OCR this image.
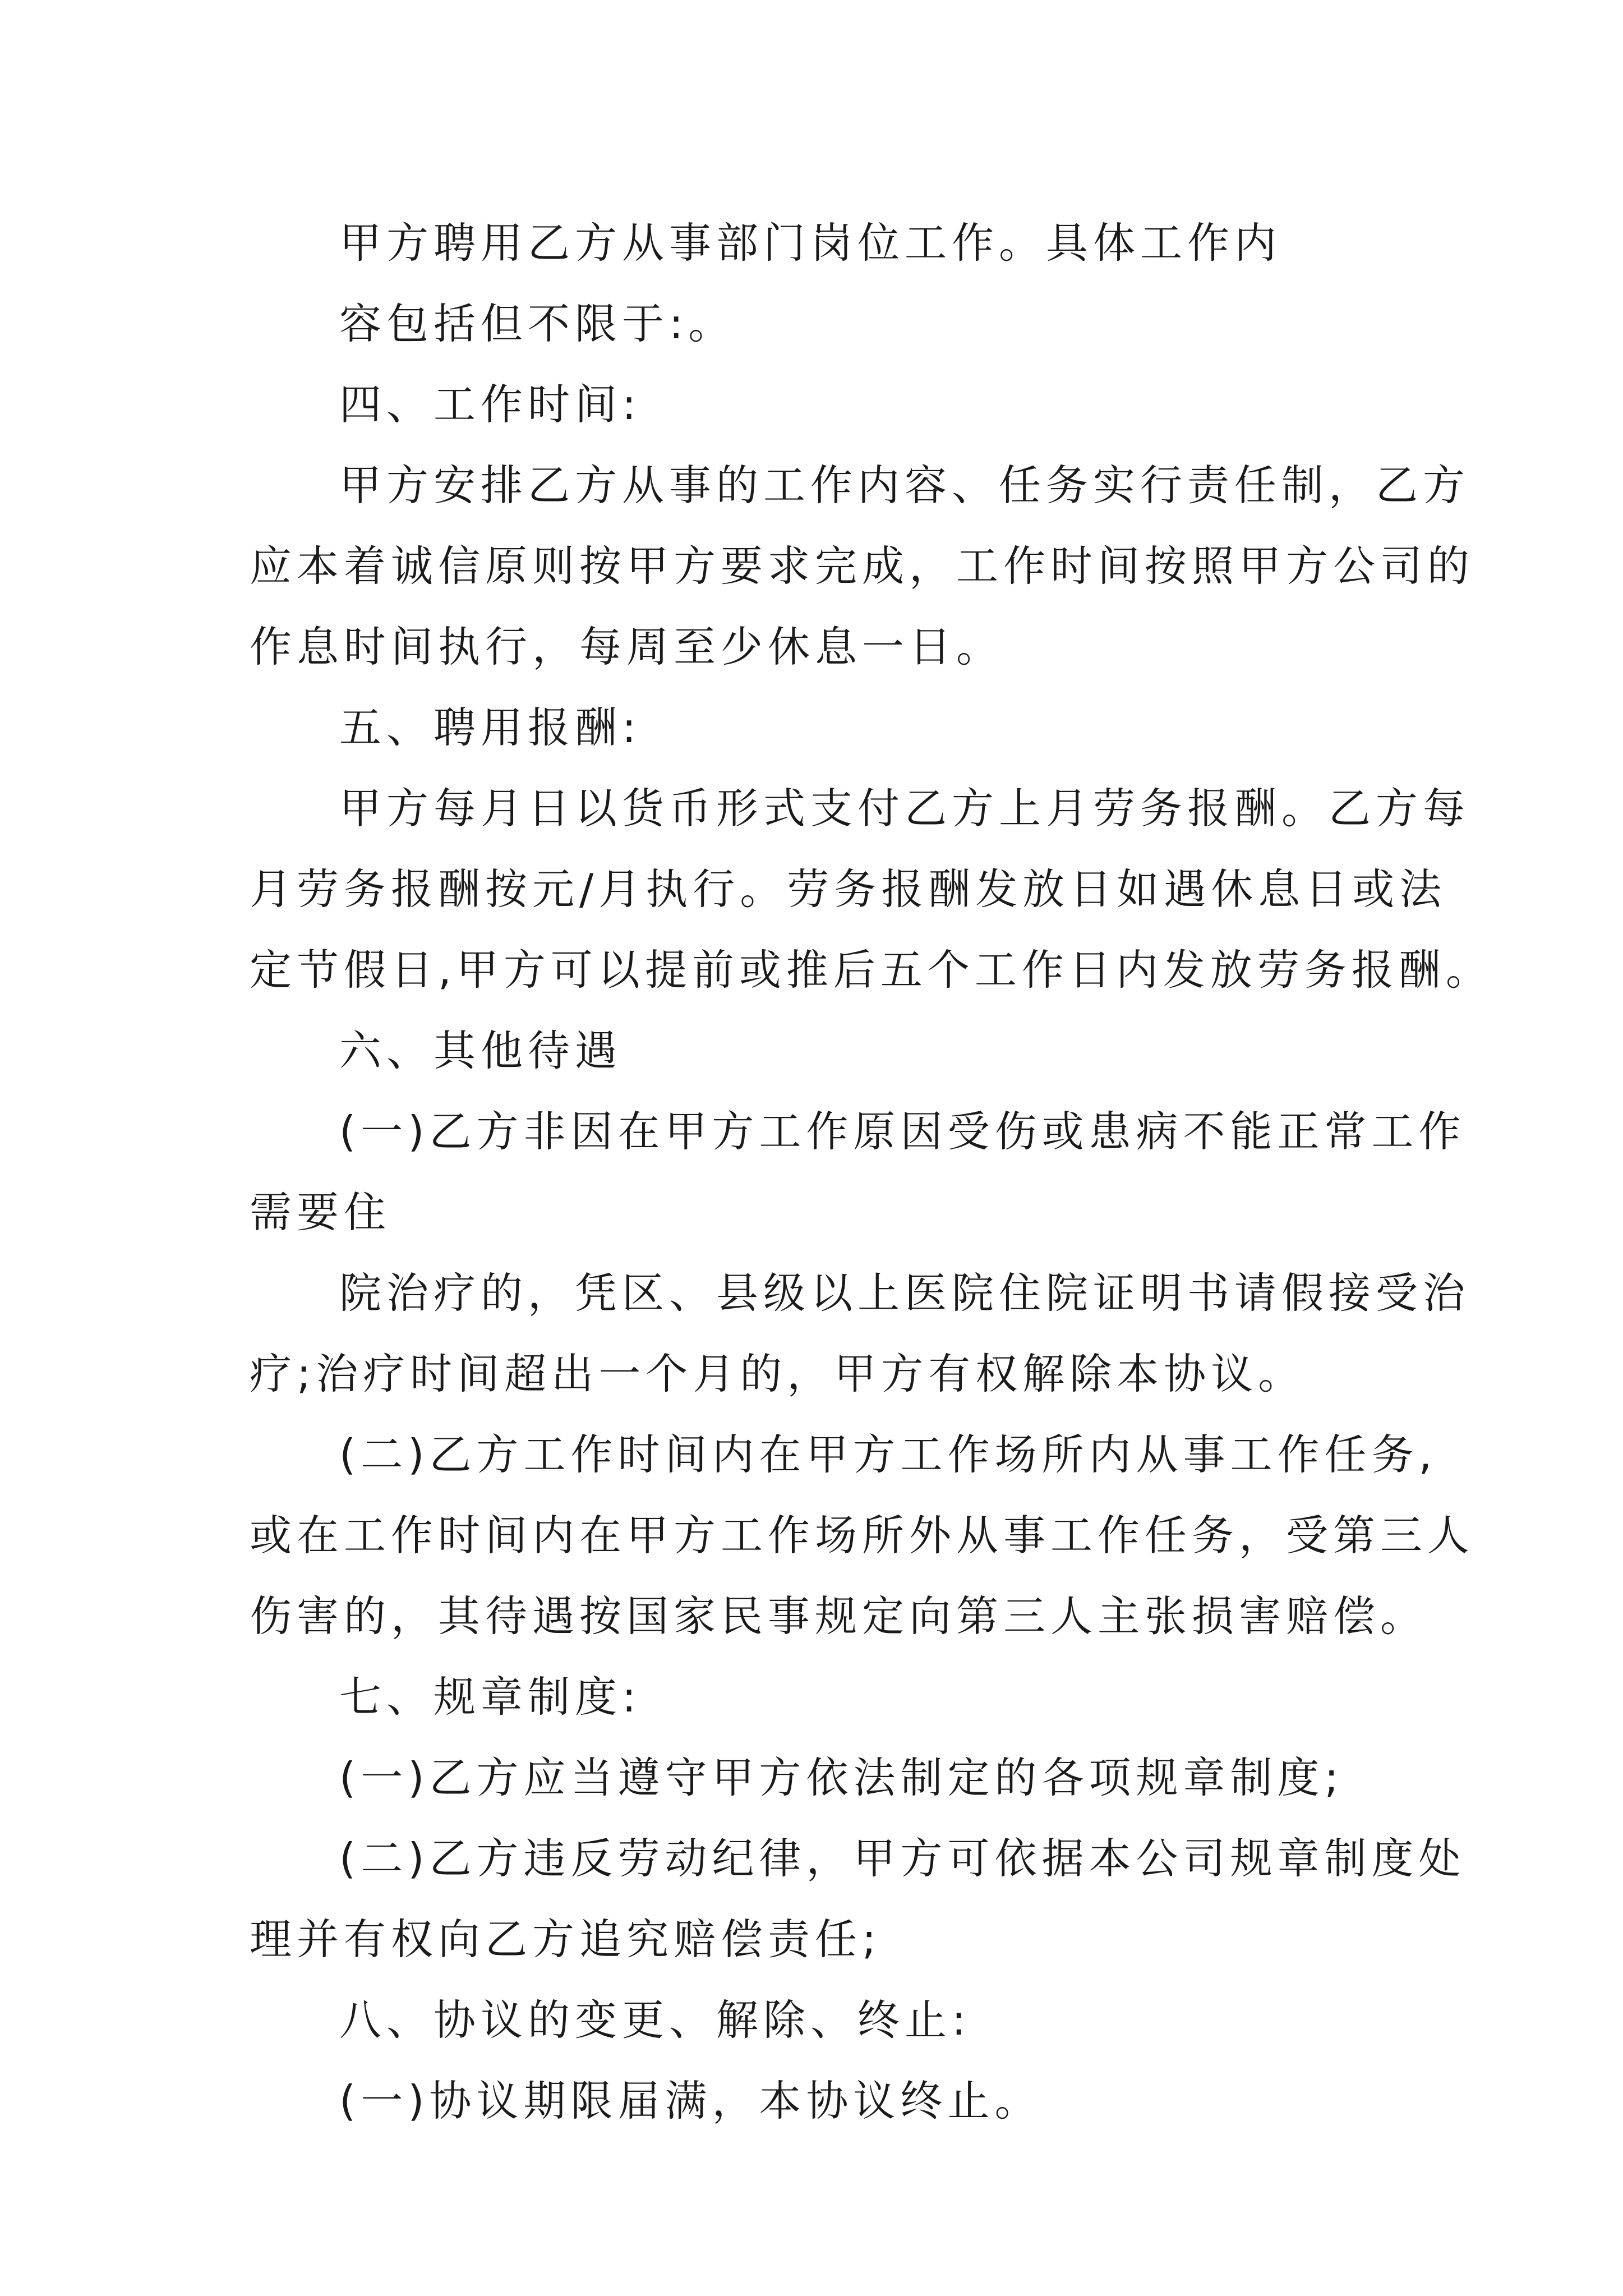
甲方聘用乙方从事部门岗位工作。具体工作内
容包括但不限于:。
四、工作时间:
甲方安排乙方从事的工作内容、任务实行责任制，乙方
应本着诚信原则按甲方要求完成，工作时间按照甲方公司的
作息时间执行，每周至少休息一日。
五、聘用报酬:
甲方每月日以货币形式支付乙方上月劳务报酬。乙方每
月劳务报酬按元/月执行。劳务报酬发放日如遇休息日或法
定节假日,甲方可以提前或推后五个工作日内发放劳务报酬。
六、其他待遇
(一)乙方非因在甲方工作原因受伤或患病不能正常工作
需要住
院治疗的，凭区、县级以上医院住院证明书请假接受治
疗;治疗时间超出一个月的，甲方有权解除本协议。
(二)乙方工作时间内在甲方工作场所内从事工作任务,
或在工作时间内在甲方工作场所外从事工作任务，受第三人
伤害的，其待遇按国家民事规定向第三人主张损害赔偿。
七、规章制度:
(一)乙方应当遵守甲方依法制定的各项规章制度;
(二)乙方违反劳动纪律，甲方可依据本公司规章制度处
理并有权向乙方追究赔偿责任;
八、协议的变更、解除、终止:
(一)协议期限届满，本协议终止。
